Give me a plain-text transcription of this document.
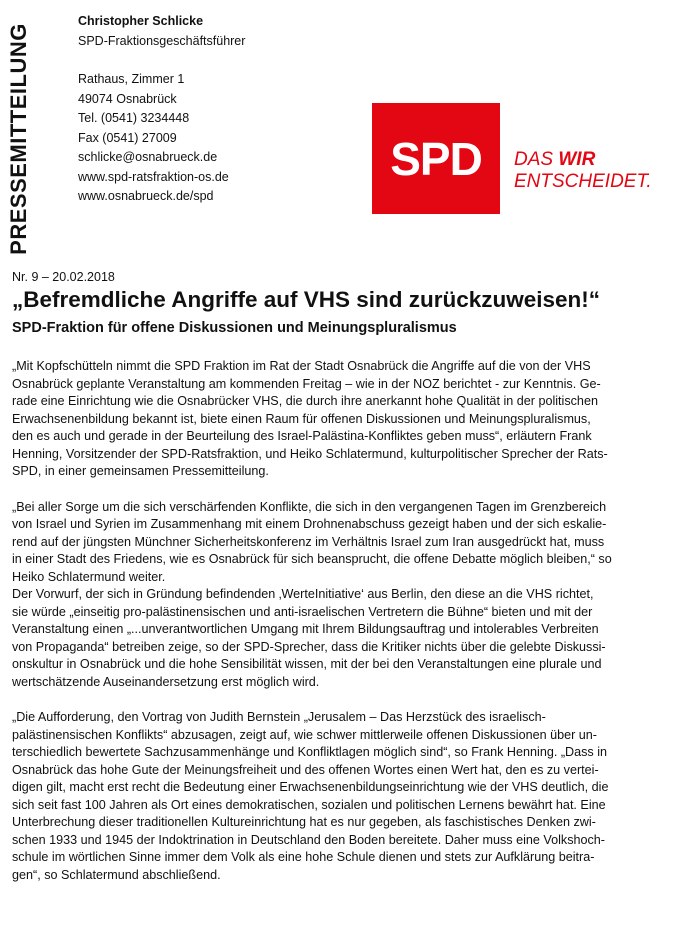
PRESSEMITTEILUNG
Christopher Schlicke
SPD-Fraktionsgeschäftsführer
Rathaus, Zimmer 1
49074 Osnabrück
Tel. (0541) 3234448
Fax (0541) 27009
schlicke@osnabrueck.de
www.spd-ratsfraktion-os.de
www.osnabrueck.de/spd
SPD	DAS WIR
ENTSCHEIDET.
Nr. 9 – 20.02.2018
„Befremdliche Angriffe auf VHS sind zurückzuweisen!“
SPD-Fraktion für offene Diskussionen und Meinungspluralismus
„Mit Kopfschütteln nimmt die SPD Fraktion im Rat der Stadt Osnabrück die Angriffe auf die von der VHS
Osnabrück geplante Veranstaltung am kommenden Freitag – wie in der NOZ berichtet - zur Kenntnis. Ge-
rade eine Einrichtung wie die Osnabrücker VHS, die durch ihre anerkannt hohe Qualität in der politischen
Erwachsenenbildung bekannt ist, biete einen Raum für offenen Diskussionen und Meinungspluralismus,
den es auch und gerade in der Beurteilung des Israel-Palästina-Konfliktes geben muss“, erläutern Frank
Henning, Vorsitzender der SPD-Ratsfraktion, und Heiko Schlatermund, kulturpolitischer Sprecher der Rats-
SPD, in einer gemeinsamen Pressemitteilung.
„Bei aller Sorge um die sich verschärfenden Konflikte, die sich in den vergangenen Tagen im Grenzbereich
von Israel und Syrien im Zusammenhang mit einem Drohnenabschuss gezeigt haben und der sich eskalie-
rend auf der jüngsten Münchner Sicherheitskonferenz im Verhältnis Israel zum Iran ausgedrückt hat, muss
in einer Stadt des Friedens, wie es Osnabrück für sich beansprucht, die offene Debatte möglich bleiben,“ so
Heiko Schlatermund weiter.
Der Vorwurf, der sich in Gründung befindenden ‚WerteInitiative‘ aus Berlin, den diese an die VHS richtet,
sie würde „einseitig pro-palästinensischen und anti-israelischen Vertretern die Bühne“ bieten und mit der
Veranstaltung einen „...unverantwortlichen Umgang mit Ihrem Bildungsauftrag und intolerables Verbreiten
von Propaganda“ betreiben zeige, so der SPD-Sprecher, dass die Kritiker nichts über die gelebte Diskussi-
onskultur in Osnabrück und die hohe Sensibilität wissen, mit der bei den Veranstaltungen eine plurale und
wertschätzende Auseinandersetzung erst möglich wird.
„Die Aufforderung, den Vortrag von Judith Bernstein „Jerusalem – Das Herzstück des israelisch-
palästinensischen Konflikts“ abzusagen, zeigt auf, wie schwer mittlerweile offenen Diskussionen über un-
terschiedlich bewertete Sachzusammenhänge und Konfliktlagen möglich sind“, so Frank Henning. „Dass in
Osnabrück das hohe Gute der Meinungsfreiheit und des offenen Wortes einen Wert hat, den es zu vertei-
digen gilt, macht erst recht die Bedeutung einer Erwachsenenbildungseinrichtung wie der VHS deutlich, die
sich seit fast 100 Jahren als Ort eines demokratischen, sozialen und politischen Lernens bewährt hat. Eine
Unterbrechung dieser traditionellen Kultureinrichtung hat es nur gegeben, als faschistisches Denken zwi-
schen 1933 und 1945 der Indoktrination in Deutschland den Boden bereitete. Daher muss eine Volkshoch-
schule im wörtlichen Sinne immer dem Volk als eine hohe Schule dienen und stets zur Aufklärung beitra-
gen“, so Schlatermund abschließend.
